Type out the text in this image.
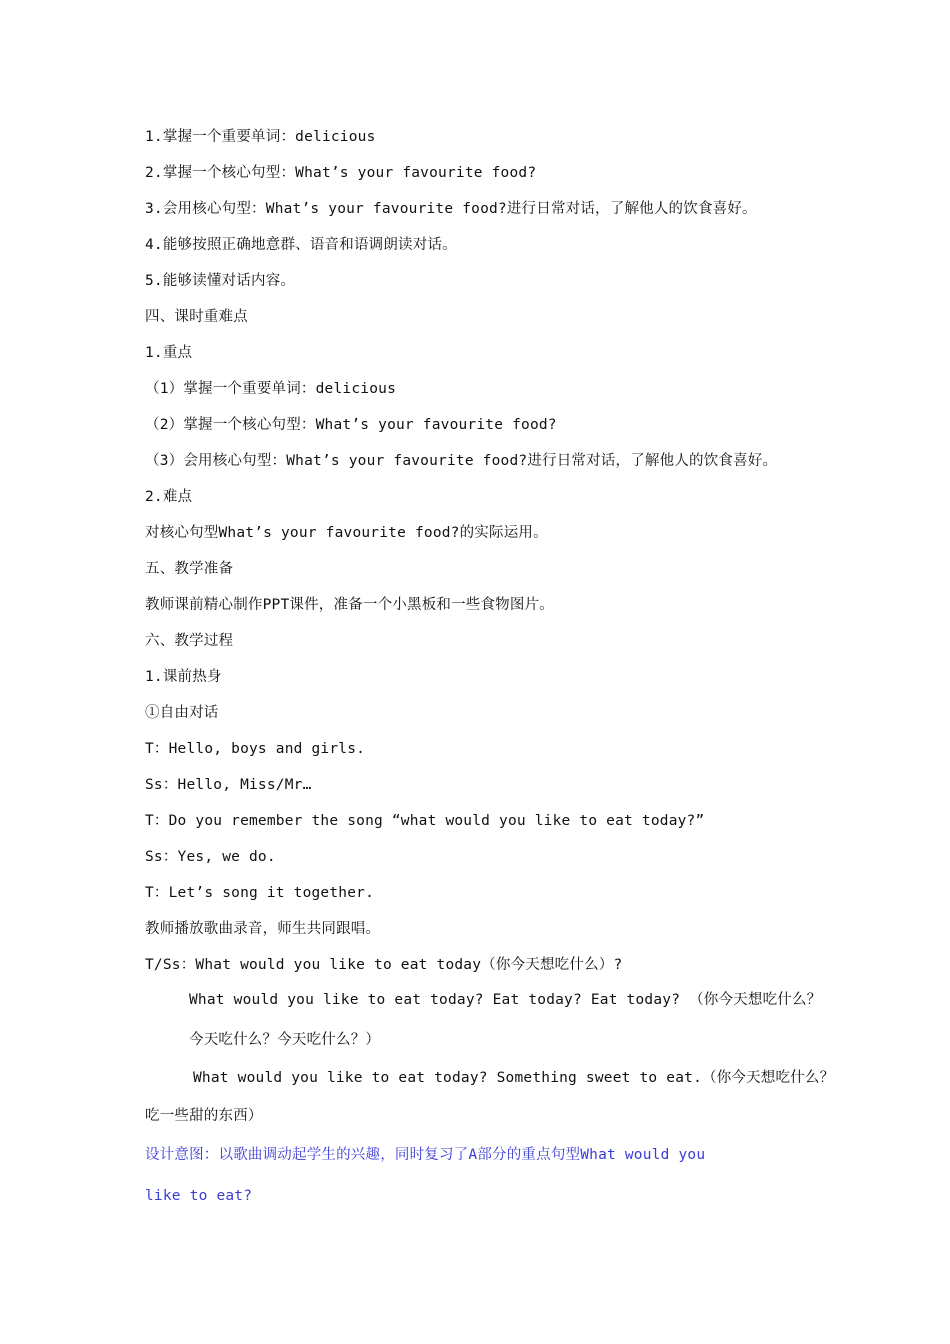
1.掌握一个重要单词：delicious
2.掌握一个核心句型：What’s your favourite food?
3.会用核心句型：What’s your favourite food?进行日常对话，了解他人的饮食喜好。
4.能够按照正确地意群、语音和语调朗读对话。
5.能够读懂对话内容。
四、课时重难点
1.重点
（1）掌握一个重要单词：delicious
（2）掌握一个核心句型：What’s your favourite food?
（3）会用核心句型：What’s your favourite food?进行日常对话，了解他人的饮食喜好。
2.难点
对核心句型What’s your favourite food?的实际运用。
五、教学准备
教师课前精心制作PPT课件，准备一个小黑板和一些食物图片。
六、教学过程
1.课前热身
①自由对话
T：Hello, boys and girls.
Ss：Hello, Miss/Mr…
T：Do you remember the song “what would you like to eat today?”
Ss：Yes, we do.
T：Let’s song it together.
教师播放歌曲录音，师生共同跟唱。
T/Ss：What would you like to eat today（你今天想吃什么）?
What would you like to eat today? Eat today? Eat today? （你今天想吃什么？
今天吃什么？今天吃什么？）
What would you like to eat today? Something sweet to eat.（你今天想吃什么？
吃一些甜的东西）
设计意图：以歌曲调动起学生的兴趣，同时复习了A部分的重点句型What would you
like to eat?
